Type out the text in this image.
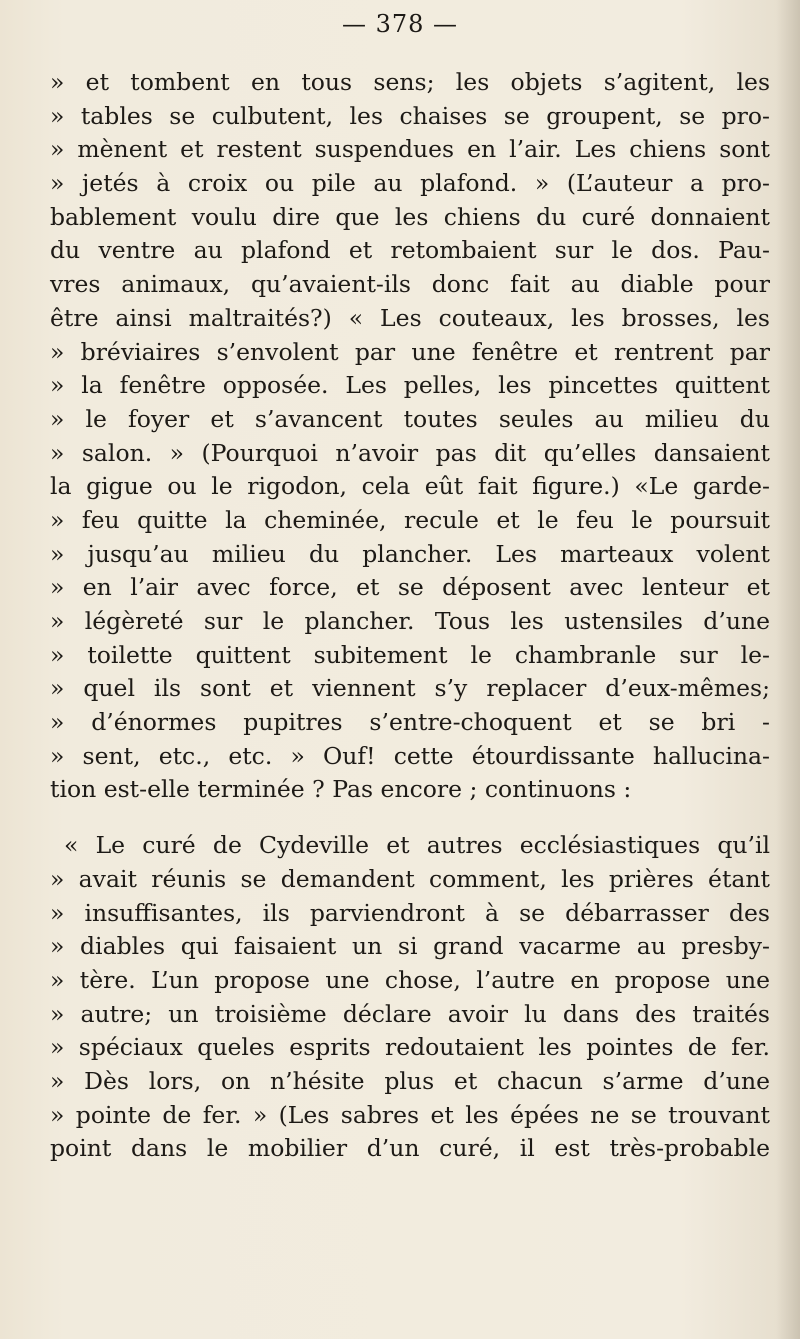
— 378 —
» et tombent en tous sens; les objets s’agitent, les
» tables se culbutent, les chaises se groupent, se pro-
» mènent et restent suspendues en l’air. Les chiens sont
» jetés à croix ou pile au plafond. » (L’auteur a pro-
bablement voulu dire que les chiens du curé donnaient
du ventre au plafond et retombaient sur le dos. Pau-
vres animaux, qu’avaient-ils donc fait au diable pour
être ainsi maltraités?) « Les couteaux, les brosses, les
» bréviaires s’envolent par une fenêtre et rentrent par
» la fenêtre opposée. Les pelles, les pincettes quittent
» le foyer et s’avancent toutes seules au milieu du
» salon. » (Pourquoi n’avoir pas dit qu’elles dansaient
la gigue ou le rigodon, cela eût fait figure.) «Le garde-
» feu quitte la cheminée, recule et le feu le poursuit
» jusqu’au milieu du plancher. Les marteaux volent
» en l’air avec force, et se déposent avec lenteur et
» légèreté sur le plancher. Tous les ustensiles d’une
» toilette quittent subitement le chambranle sur le-
» quel ils sont et viennent s’y replacer d’eux-mêmes;
» d’énormes pupitres s’entre-choquent et se bri -
» sent, etc., etc. » Ouf! cette étourdissante hallucina-
tion est-elle terminée ? Pas encore ; continuons :
« Le curé de Cydeville et autres ecclésiastiques qu’il
» avait réunis se demandent comment, les prières étant
» insuffisantes, ils parviendront à se débarrasser des
» diables qui faisaient un si grand vacarme au presby-
» tère. L’un propose une chose, l’autre en propose une
» autre; un troisième déclare avoir lu dans des traités
» spéciaux queles esprits redoutaient les pointes de fer.
» Dès lors, on n’hésite plus et chacun s’arme d’une
» pointe de fer. » (Les sabres et les épées ne se trouvant
point dans le mobilier d’un curé, il est très-probable
